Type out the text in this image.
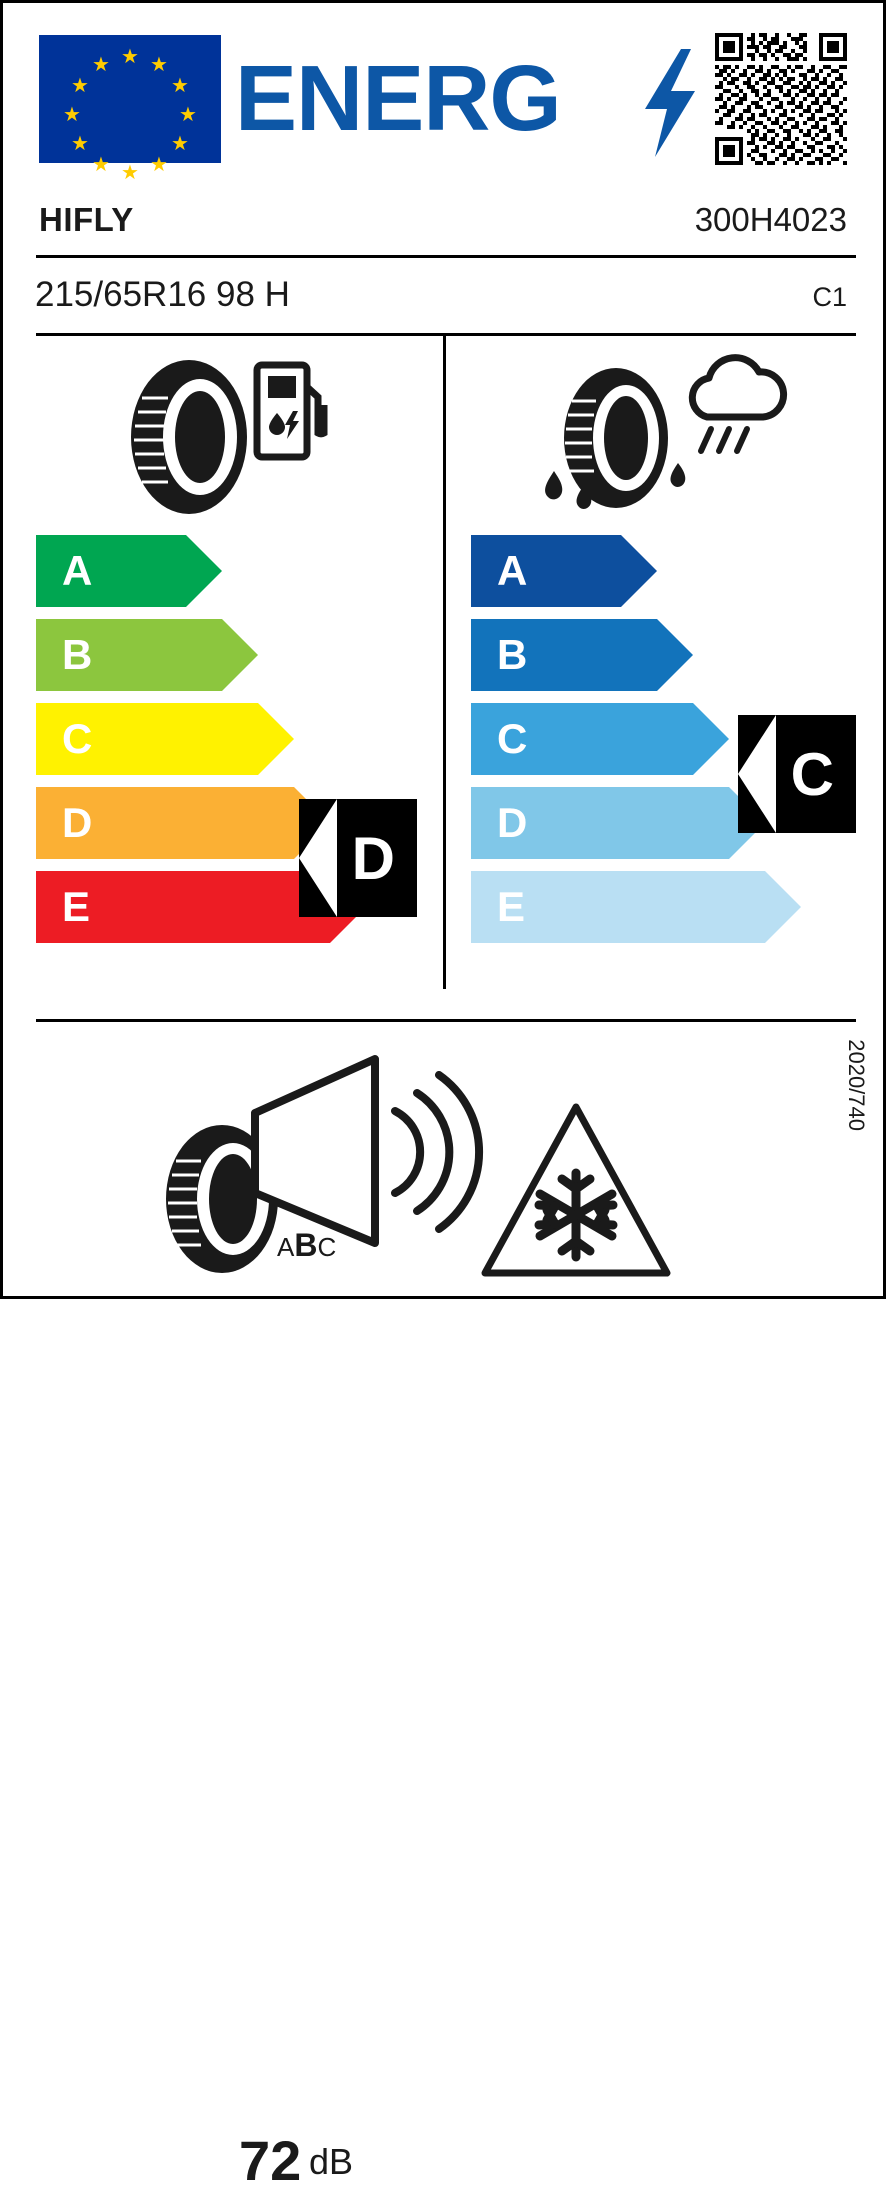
★ ★
★
★
★
★
★
★
★
★
★
★ ENERG
HIFLY	300H4023
215/65R16 98 H	C1
A
B
C
D
E
D
A
B
C
D
E
C
72 dB
ABC
2020/740
